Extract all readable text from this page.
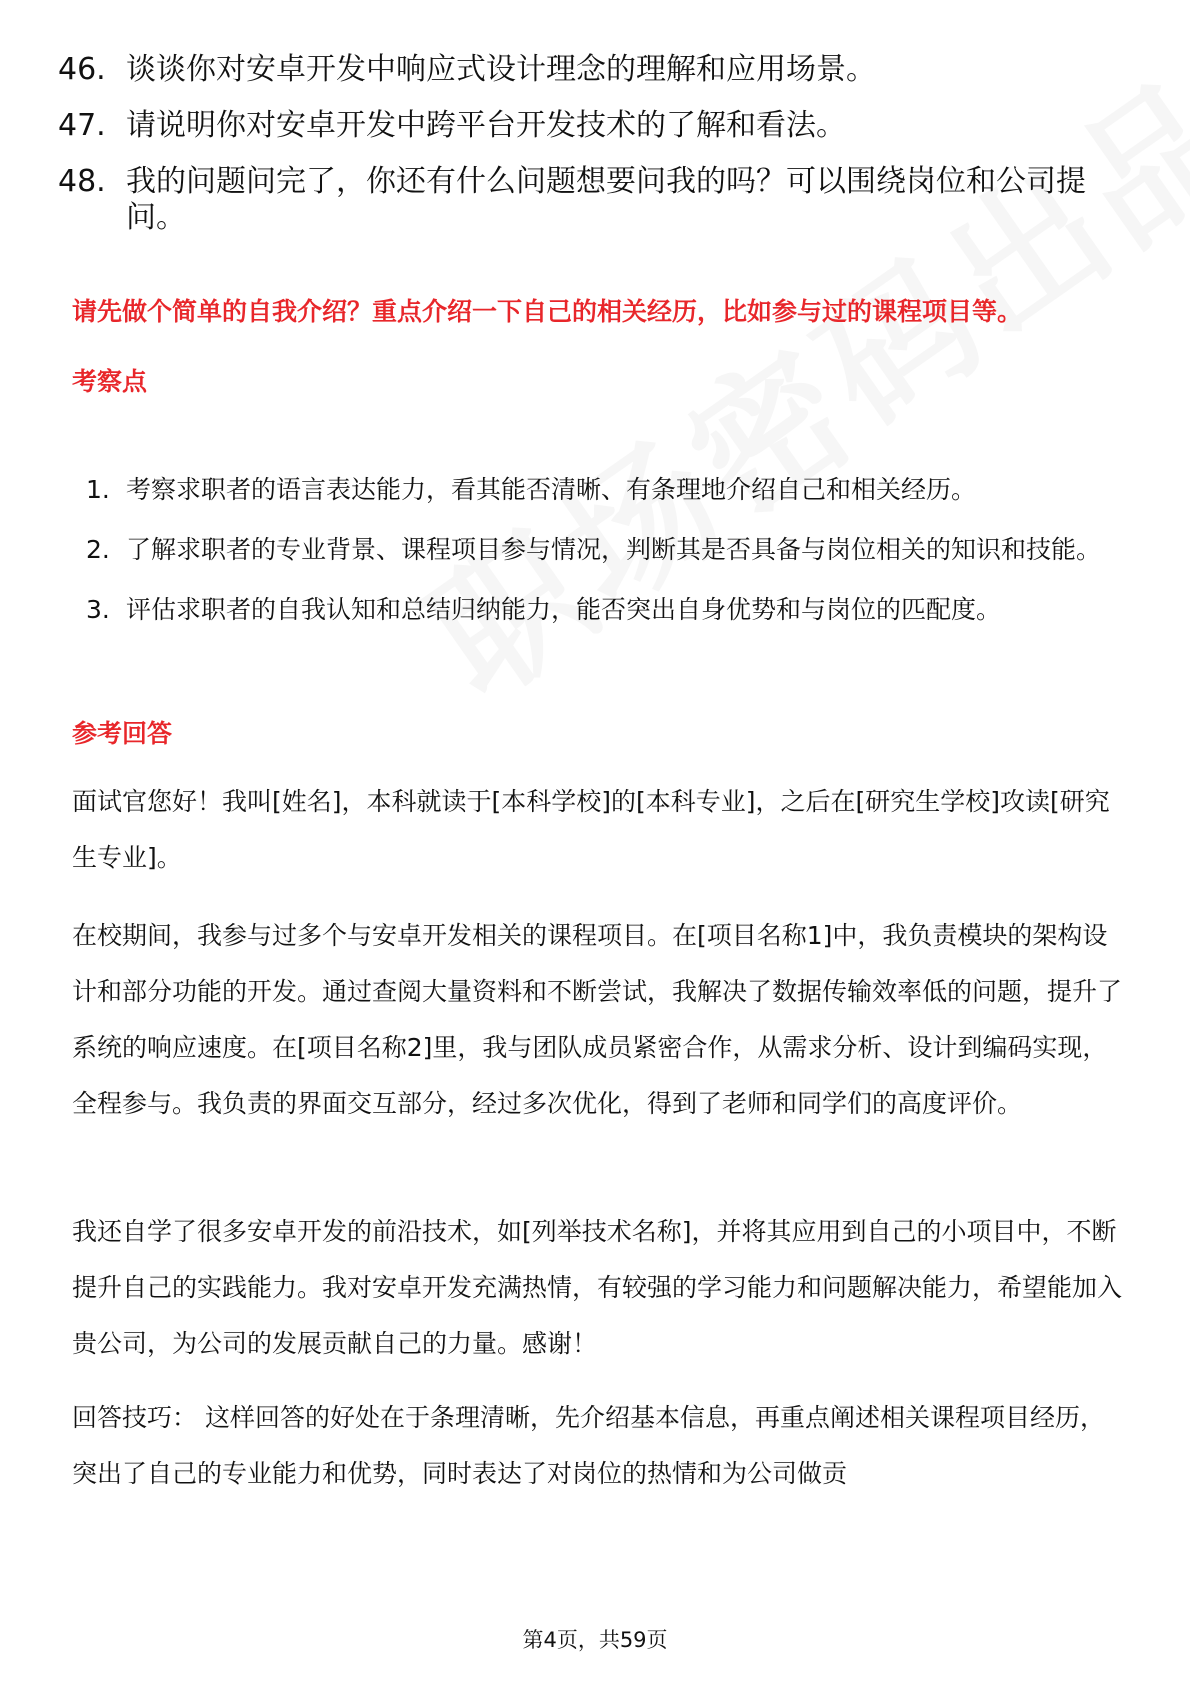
46. 谈谈你对安卓开发中响应式设计理念的理解和应用场景。
47. 请说明你对安卓开发中跨平台开发技术的了解和看法。
48. 我的问题问完了，你还有什么问题想要问我的吗？可以围绕岗位和公司提问。
请先做个简单的自我介绍？重点介绍一下自己的相关经历，比如参与过的课程项目等。
考察点
1. 考察求职者的语言表达能力，看其能否清晰、有条理地介绍自己和相关经历。
2. 了解求职者的专业背景、课程项目参与情况，判断其是否具备与岗位相关的知识和技能。
3. 评估求职者的自我认知和总结归纳能力，能否突出自身优势和与岗位的匹配度。
参考回答
面试官您好！我叫[姓名]，本科就读于[本科学校]的[本科专业]，之后在[研究生学校]攻读[研究生专业]。
在校期间，我参与过多个与安卓开发相关的课程项目。在[项目名称1]中，我负责模块的架构设计和部分功能的开发。通过查阅大量资料和不断尝试，我解决了数据传输效率低的问题，提升了系统的响应速度。在[项目名称2]里，我与团队成员紧密合作，从需求分析、设计到编码实现，全程参与。我负责的界面交互部分，经过多次优化，得到了老师和同学们的高度评价。
我还自学了很多安卓开发的前沿技术，如[列举技术名称]，并将其应用到自己的小项目中，不断提升自己的实践能力。我对安卓开发充满热情，有较强的学习能力和问题解决能力，希望能加入贵公司，为公司的发展贡献自己的力量。感谢！
回答技巧： 这样回答的好处在于条理清晰，先介绍基本信息，再重点阐述相关课程项目经历，突出了自己的专业能力和优势，同时表达了对岗位的热情和为公司做贡
第4页，共59页
